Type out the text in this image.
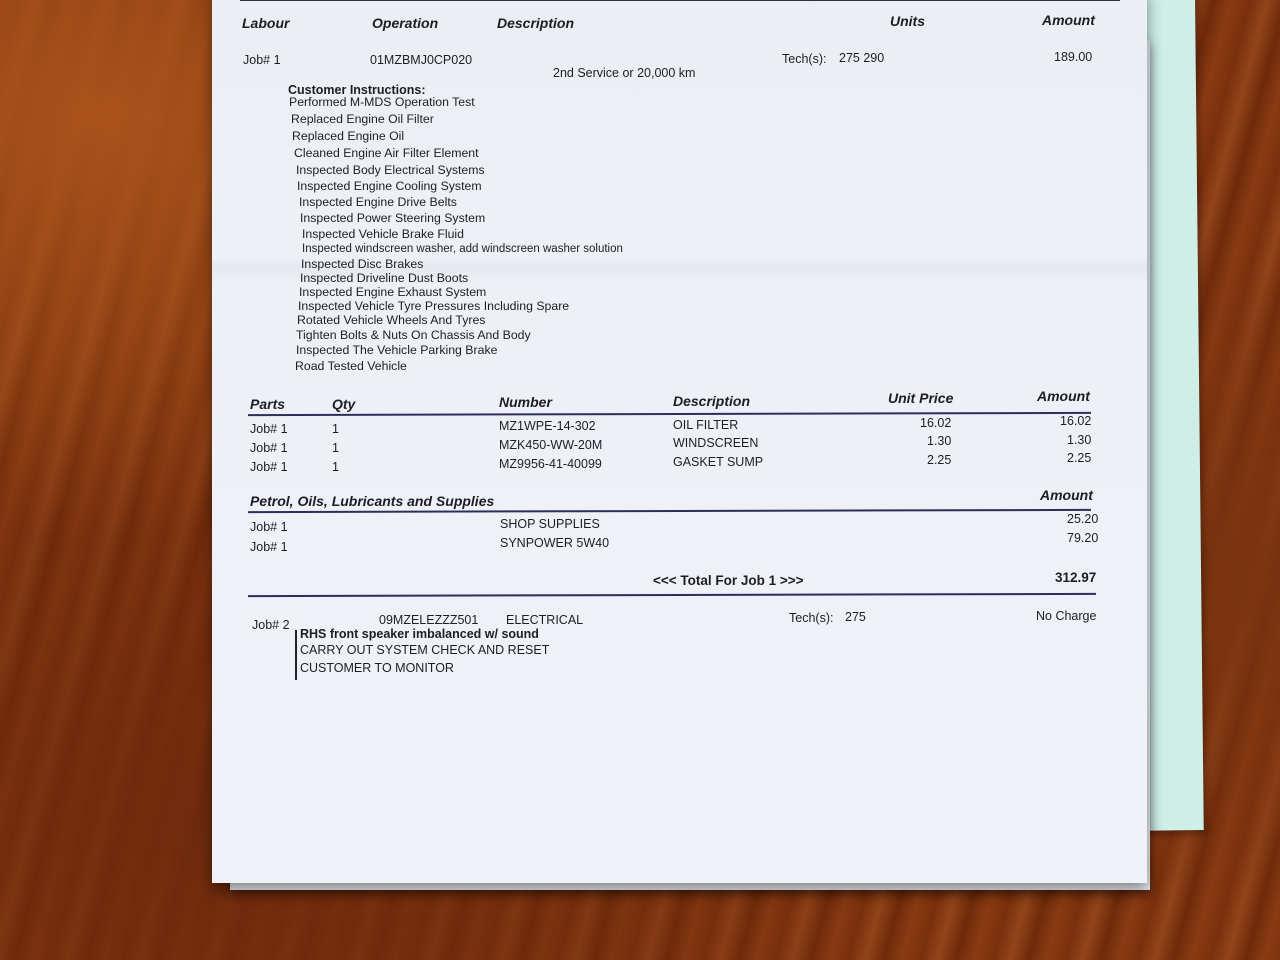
Labour	Operation	Description	Units	Amount
Job# 1	01MZBMJ0CP020
2nd Service or 20,000 km
Tech(s): 275 290	189.00
Customer Instructions:
Performed M-MDS Operation Test
Replaced Engine Oil Filter
Replaced Engine Oil
Cleaned Engine Air Filter Element
Inspected Body Electrical Systems
Inspected Engine Cooling System
Inspected Engine Drive Belts
Inspected Power Steering System
Inspected Vehicle Brake Fluid
Inspected windscreen washer, add windscreen washer solution
Inspected Disc Brakes
Inspected Driveline Dust Boots
Inspected Engine Exhaust System
Inspected Vehicle Tyre Pressures Including Spare
Rotated Vehicle Wheels And Tyres
Tighten Bolts & Nuts On Chassis And Body
Inspected The Vehicle Parking Brake
Road Tested Vehicle
Parts	Qty	Number	Description	Unit Price	Amount
Job# 1	1	MZ1WPE-14-302	OIL FILTER	16.02	16.02
Job# 1	1	MZK450-WW-20M	WINDSCREEN	1.30	1.30
Job# 1	1	MZ9956-41-40099	GASKET SUMP	2.25	2.25
Petrol, Oils, Lubricants and Supplies	Amount
Job# 1	SHOP SUPPLIES	25.20
Job# 1	SYNPOWER 5W40	79.20
<<< Total For Job 1 >>>	312.97
Job# 2	09MZELEZZZ501 ELECTRICAL	Tech(s): 275	No Charge
RHS front speaker imbalanced w/ sound
CARRY OUT SYSTEM CHECK AND RESET
CUSTOMER TO MONITOR
